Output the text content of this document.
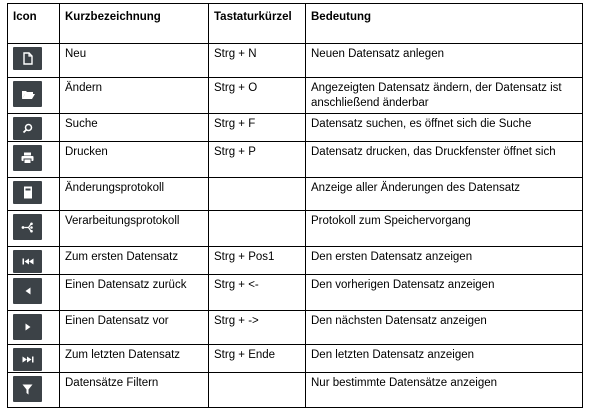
Icon	Kurzbezeichnung	Tastaturkürzel	Bedeutung

	Neu	Strg + N	Neuen Datensatz anlegen

	Ändern	Strg + O	Angezeigten Datensatz ändern, der Datensatz ist anschließend änderbar

	Suche	Strg + F	Datensatz suchen, es öffnet sich die Suche

	Drucken	Strg + P	Datensatz drucken, das Druckfenster öffnet sich

	Änderungsprotokoll		Anzeige aller Änderungen des Datensatz

	Verarbeitungsprotokoll		Protokoll zum Speichervorgang

	Zum ersten Datensatz	Strg + Pos1	Den ersten Datensatz anzeigen

	Einen Datensatz zurück	Strg + <-	Den vorherigen Datensatz anzeigen

	Einen Datensatz vor	Strg + ->	Den nächsten Datensatz anzeigen

	Zum letzten Datensatz	Strg + Ende	Den letzten Datensatz anzeigen

	Datensätze Filtern		Nur bestimmte Datensätze anzeigen
